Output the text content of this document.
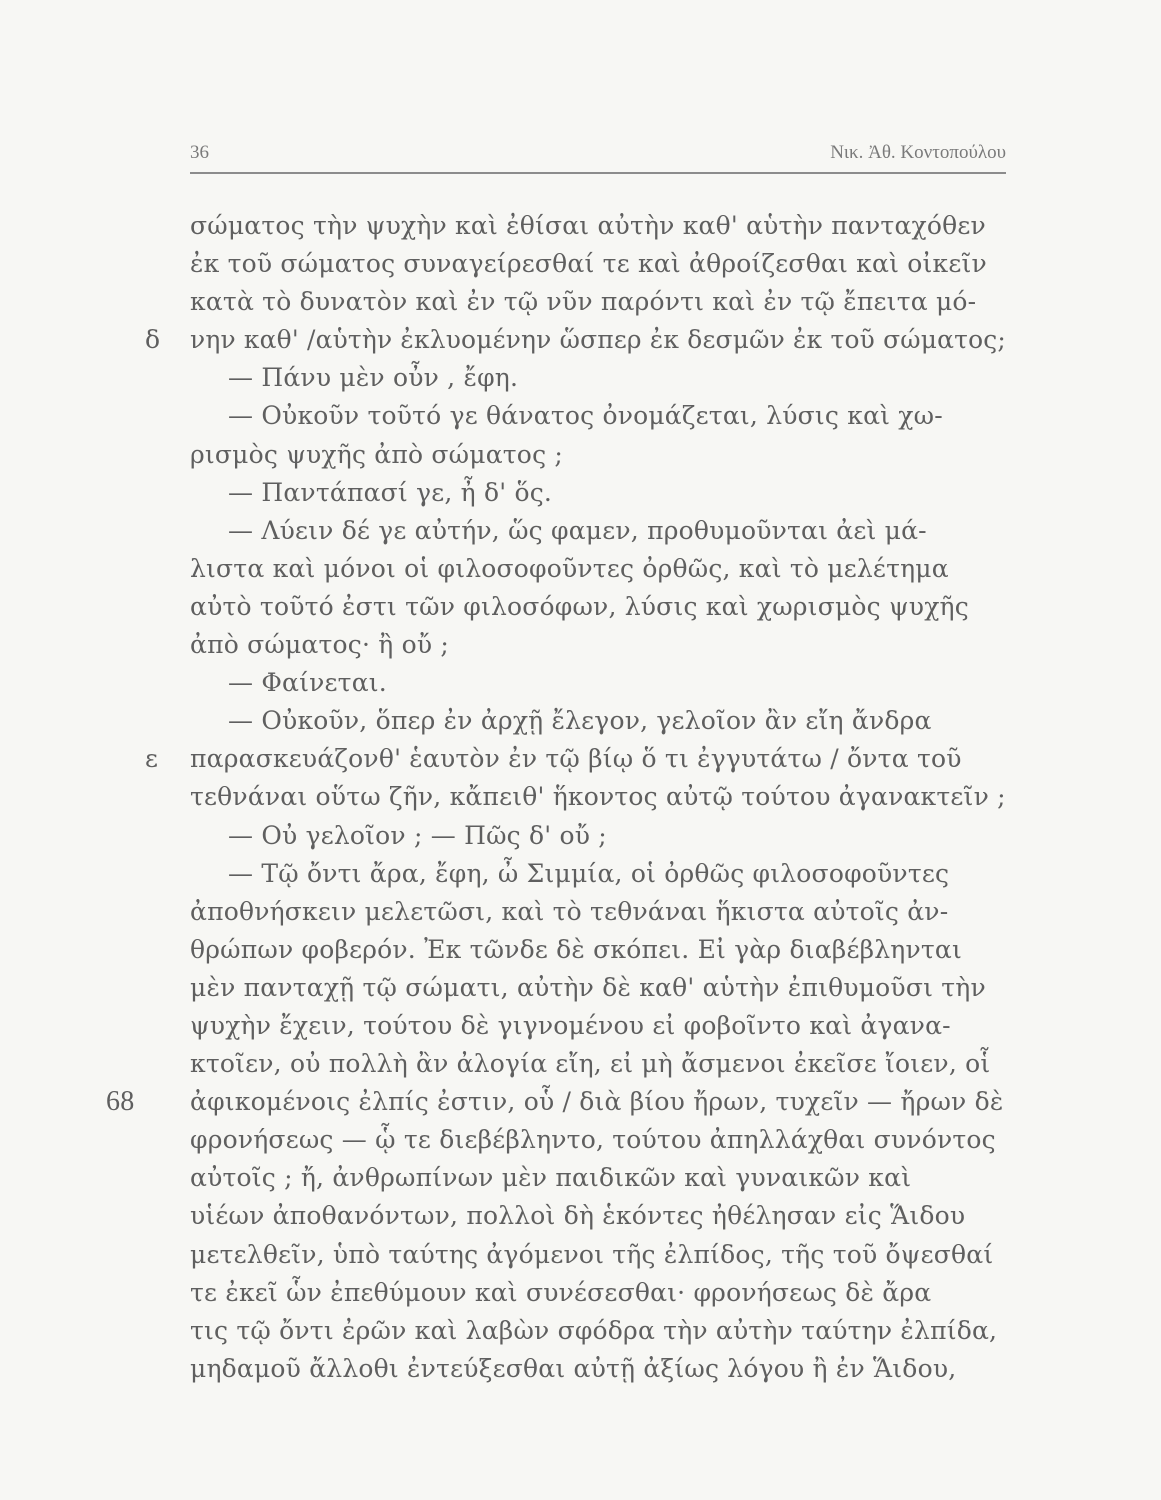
36	Νικ. Ἀθ. Κοντοπούλου
σώματος τὴν ψυχὴν καὶ ἐθίσαι αὐτὴν καθ' αὑτὴν πανταχόθεν
ἐκ τοῦ σώματος συναγείρεσθαί τε καὶ ἀθροίζεσθαι καὶ οἰκεῖν
κατὰ τὸ δυνατὸν καὶ ἐν τῷ νῦν παρόντι καὶ ἐν τῷ ἔπειτα μό-
δ	νην καθ' /αὑτὴν ἐκλυομένην ὥσπερ ἐκ δεσμῶν ἐκ τοῦ σώματος;
— Πάνυ μὲν οὖν , ἔφη.
— Οὐκοῦν τοῦτό γε θάνατος ὀνομάζεται, λύσις καὶ χω-
ρισμὸς ψυχῆς ἀπὸ σώματος ;
— Παντάπασί γε, ἦ δ' ὅς.
— Λύειν δέ γε αὐτήν, ὥς φαμεν, προθυμοῦνται ἀεὶ μά-
λιστα καὶ μόνοι οἱ φιλοσοφοῦντες ὀρθῶς, καὶ τὸ μελέτημα
αὐτὸ τοῦτό ἐστι τῶν φιλοσόφων, λύσις καὶ χωρισμὸς ψυχῆς
ἀπὸ σώματος· ἢ οὔ ;
— Φαίνεται.
— Οὐκοῦν, ὅπερ ἐν ἀρχῇ ἔλεγον, γελοῖον ἂν εἴη ἄνδρα
ε	παρασκευάζονθ' ἑαυτὸν ἐν τῷ βίῳ ὅ τι ἐγγυτάτω / ὄντα τοῦ
τεθνάναι οὕτω ζῆν, κἄπειθ' ἥκοντος αὐτῷ τούτου ἀγανακτεῖν ;
— Οὐ γελοῖον ; — Πῶς δ' οὔ ;
— Τῷ ὄντι ἄρα, ἔφη, ὦ Σιμμία, οἱ ὀρθῶς φιλοσοφοῦντες
ἀποθνήσκειν μελετῶσι, καὶ τὸ τεθνάναι ἥκιστα αὐτοῖς ἀν-
θρώπων φοβερόν. Ἐκ τῶνδε δὲ σκόπει. Εἰ γὰρ διαβέβληνται
μὲν πανταχῇ τῷ σώματι, αὐτὴν δὲ καθ' αὑτὴν ἐπιθυμοῦσι τὴν
ψυχὴν ἔχειν, τούτου δὲ γιγνομένου εἰ φοβοῖντο καὶ ἀγανα-
κτοῖεν, οὐ πολλὴ ἂν ἀλογία εἴη, εἰ μὴ ἄσμενοι ἐκεῖσε ἴοιεν, οἷ
68 ἀφικομένοις ἐλπίς ἐστιν, οὗ / διὰ βίου ἤρων, τυχεῖν — ἤρων δὲ
φρονήσεως — ᾧ τε διεβέβληντο, τούτου ἀπηλλάχθαι συνόντος
αὐτοῖς ; ἤ, ἀνθρωπίνων μὲν παιδικῶν καὶ γυναικῶν καὶ
υἱέων ἀποθανόντων, πολλοὶ δὴ ἑκόντες ἠθέλησαν εἰς Ἅιδου
μετελθεῖν, ὑπὸ ταύτης ἀγόμενοι τῆς ἐλπίδος, τῆς τοῦ ὄψεσθαί
τε ἐκεῖ ὧν ἐπεθύμουν καὶ συνέσεσθαι· φρονήσεως δὲ ἄρα
τις τῷ ὄντι ἐρῶν καὶ λαβὼν σφόδρα τὴν αὐτὴν ταύτην ἐλπίδα,
μηδαμοῦ ἄλλοθι ἐντεύξεσθαι αὐτῇ ἀξίως λόγου ἢ ἐν Ἅιδου,
